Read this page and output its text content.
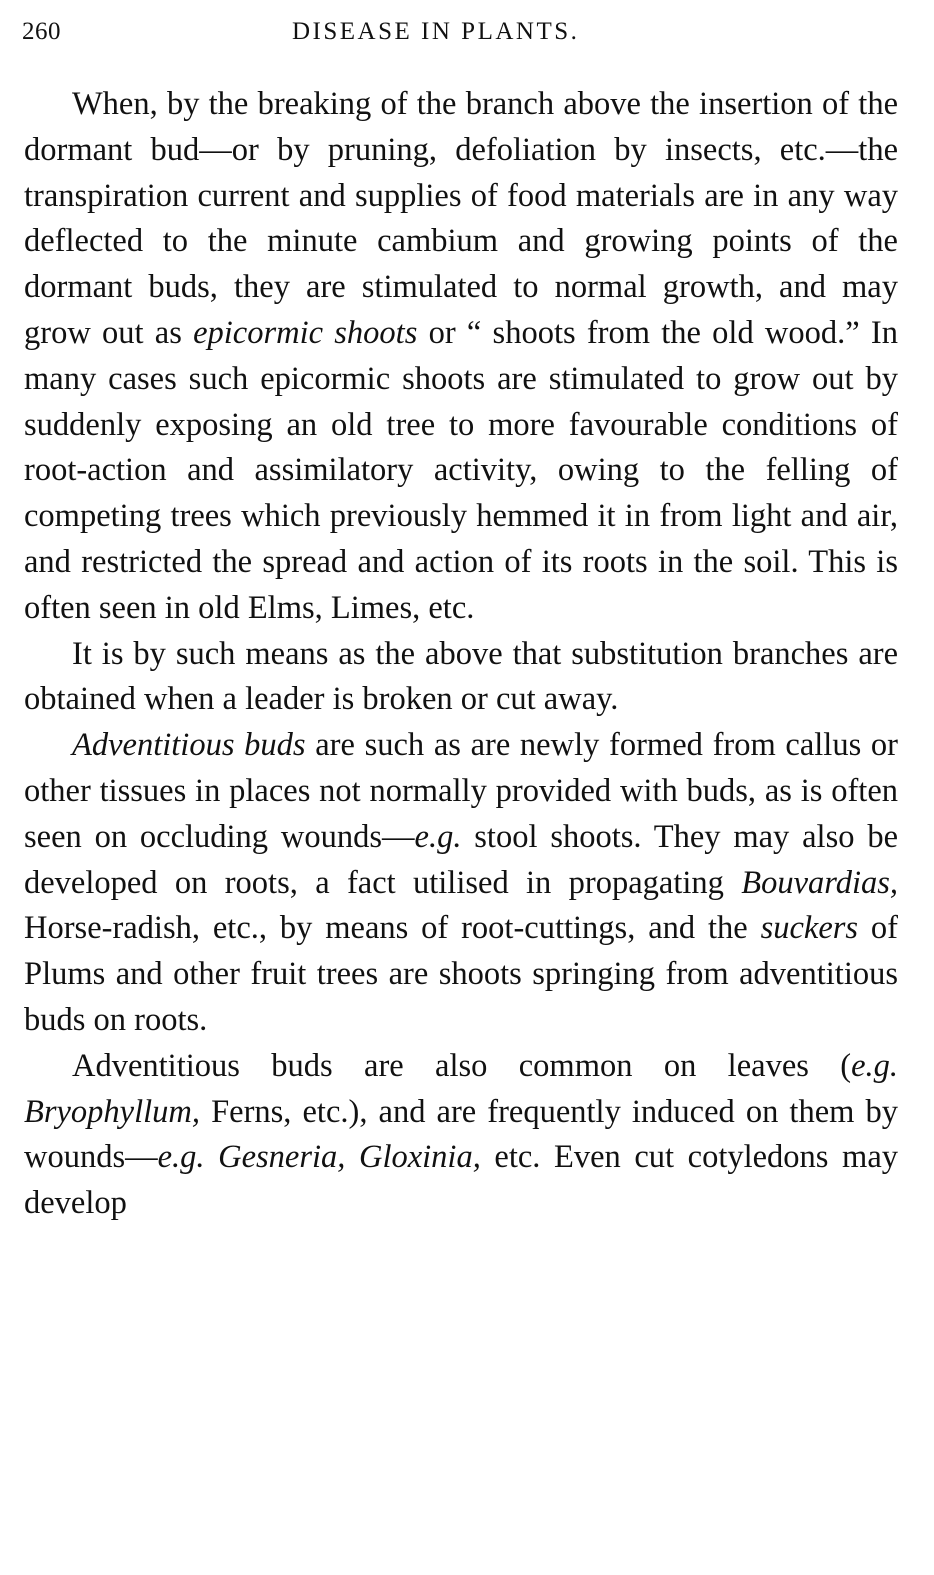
260	DISEASE IN PLANTS.

When, by the breaking of the branch above the insertion of the dormant bud—or by pruning, defoliation by insects, etc.—the transpiration current and supplies of food materials are in any way deflected to the minute cambium and growing points of the dormant buds, they are stimulated to normal growth, and may grow out as epicormic shoots or “ shoots from the old wood.” In many cases such epicormic shoots are stimulated to grow out by suddenly exposing an old tree to more favourable conditions of root-action and assimilatory activity, owing to the felling of competing trees which previously hemmed it in from light and air, and restricted the spread and action of its roots in the soil. This is often seen in old Elms, Limes, etc.

It is by such means as the above that substitution branches are obtained when a leader is broken or cut away.

Adventitious buds are such as are newly formed from callus or other tissues in places not normally provided with buds, as is often seen on occluding wounds—e.g. stool shoots. They may also be developed on roots, a fact utilised in propagating Bouvardias, Horse-radish, etc., by means of root-cuttings, and the suckers of Plums and other fruit trees are shoots springing from adventitious buds on roots.

Adventitious buds are also common on leaves (e.g. Bryophyllum, Ferns, etc.), and are frequently induced on them by wounds—e.g. Gesneria, Gloxinia, etc. Even cut cotyledons may develop
